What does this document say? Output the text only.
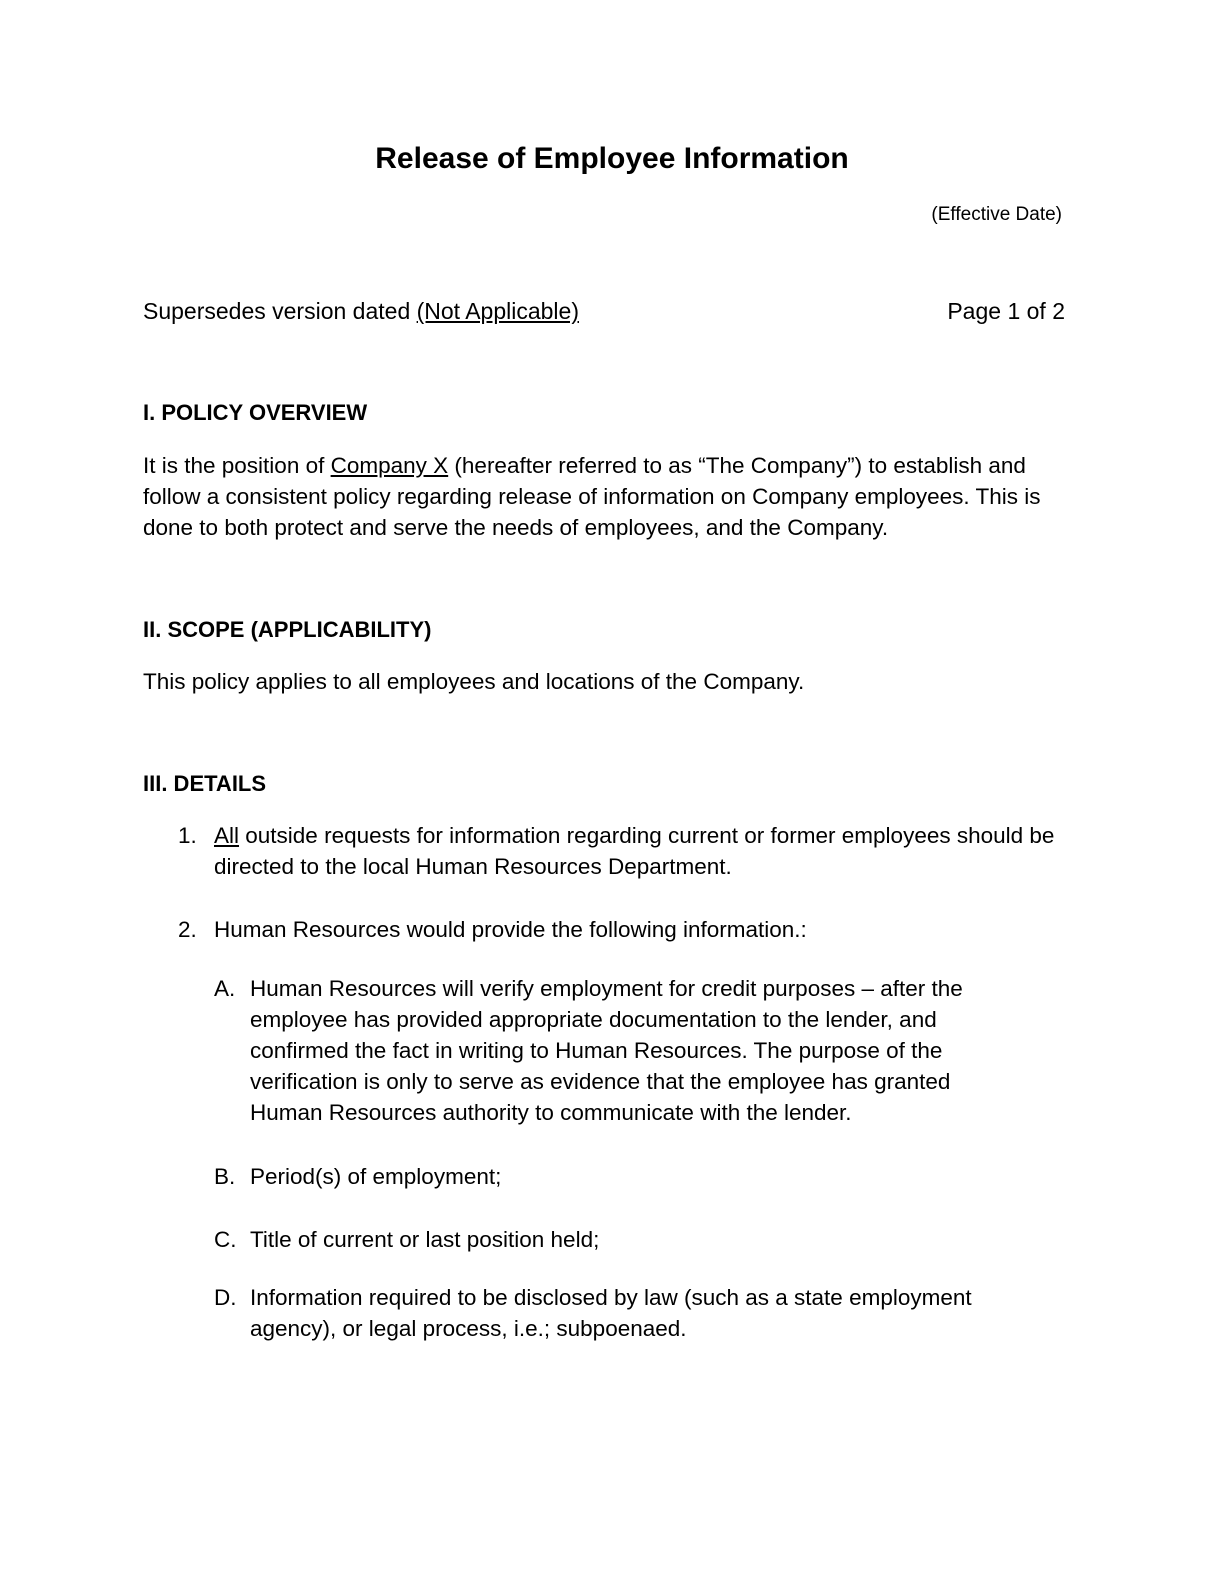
Release of Employee Information
(Effective Date)
Supersedes version dated (Not Applicable)	Page 1 of 2
I. POLICY OVERVIEW

It is the position of Company X (hereafter referred to as “The Company”) to establish and follow a consistent policy regarding release of information on Company employees. This is done to both protect and serve the needs of employees, and the Company.

II. SCOPE (APPLICABILITY)

This policy applies to all employees and locations of the Company.

III. DETAILS
1. All outside requests for information regarding current or former employees should be directed to the local Human Resources Department.
2. Human Resources would provide the following information.:
A. Human Resources will verify employment for credit purposes – after the employee has provided appropriate documentation to the lender, and confirmed the fact in writing to Human Resources. The purpose of the verification is only to serve as evidence that the employee has granted Human Resources authority to communicate with the lender.
B. Period(s) of employment;
C. Title of current or last position held;
D. Information required to be disclosed by law (such as a state employment agency), or legal process, i.e.; subpoenaed.
